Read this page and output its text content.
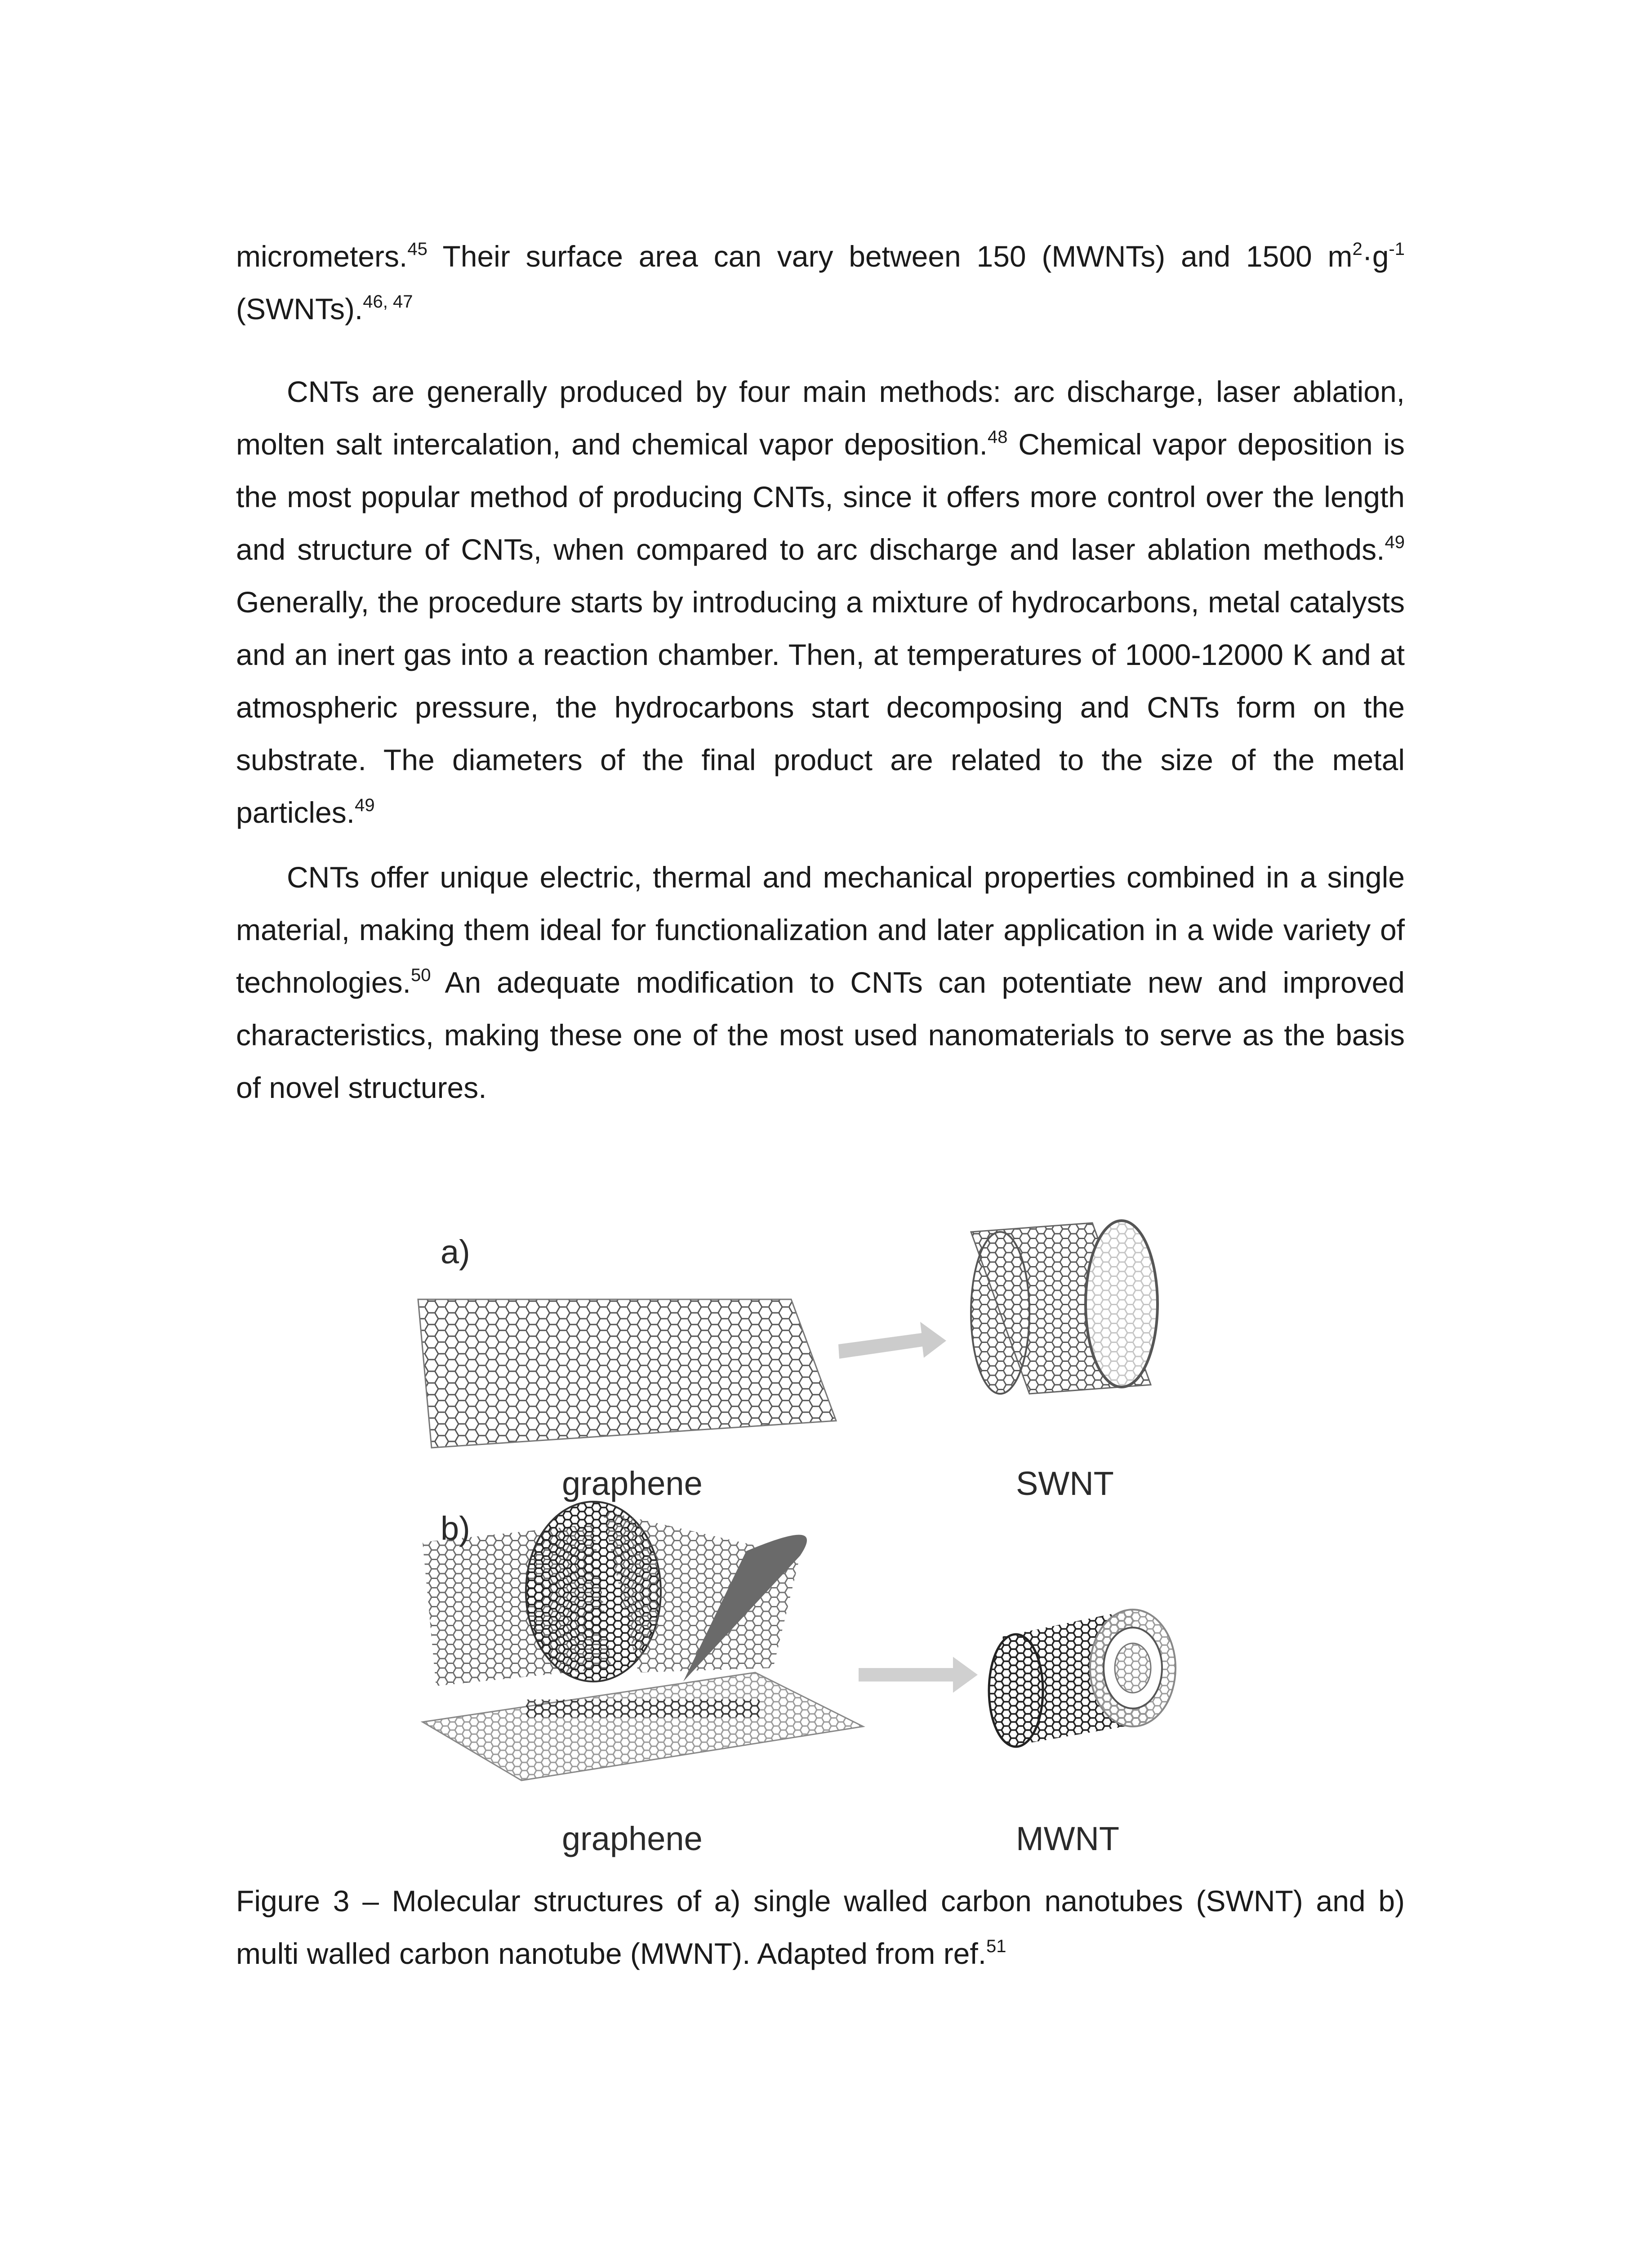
micrometers.$^{45}$ Their surface area can vary between 150 (MWNTs) and 1500 $m^2\cdot g^{-1}$ (SWNTs).$^{46, 47}$

CNTs are generally produced by four main methods: arc discharge, laser ablation, molten salt intercalation, and chemical vapor deposition.$^{48}$ Chemical vapor deposition is the most popular method of producing CNTs, since it offers more control over the length and structure of CNTs, when compared to arc discharge and laser ablation methods.$^{49}$ Generally, the procedure starts by introducing a mixture of hydrocarbons, metal catalysts and an inert gas into a reaction chamber. Then, at temperatures of 1000-12000 K and at atmospheric pressure, the hydrocarbons start decomposing and CNTs form on the substrate. The diameters of the final product are related to the size of the metal particles.$^{49}$

CNTs offer unique electric, thermal and mechanical properties combined in a single material, making them ideal for functionalization and later application in a wide variety of technologies.$^{50}$ An adequate modification to CNTs can potentiate new and improved characteristics, making these one of the most used nanomaterials to serve as the basis of novel structures.

a)
graphene	SWNT
b)
graphene	MWNT

Figure 3 – Molecular structures of a) single walled carbon nanotubes (SWNT) and b) multi walled carbon nanotube (MWNT). Adapted from ref.$^{51}$
